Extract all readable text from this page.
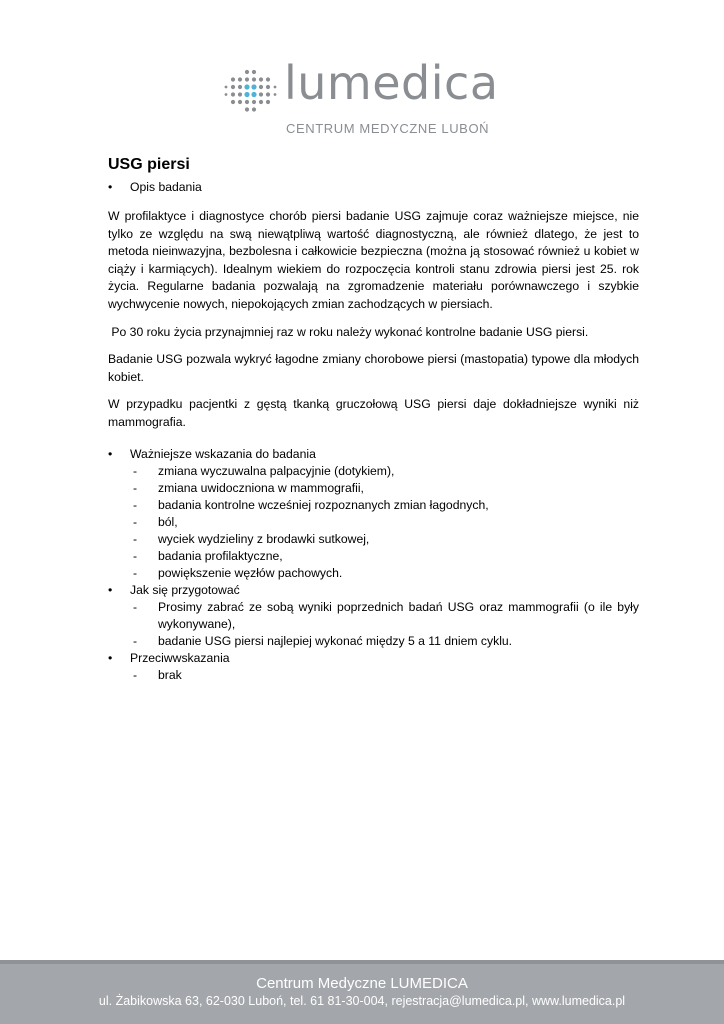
lumedica
CENTRUM MEDYCZNE LUBOŃ
USG piersi
• Opis badania

W profilaktyce i diagnostyce chorób piersi badanie USG zajmuje coraz ważniejsze miejsce, nie tylko ze względu na swą niewątpliwą wartość diagnostyczną, ale również dlatego, że jest to metoda nieinwazyjna, bezbolesna i całkowicie bezpieczna (można ją stosować również u kobiet w ciąży i karmiących). Idealnym wiekiem do rozpoczęcia kontroli stanu zdrowia piersi jest 25. rok życia. Regularne badania pozwalają na zgromadzenie materiału porównawczego i szybkie wychwycenie nowych, niepokojących zmian zachodzących w piersiach.

Po 30 roku życia przynajmniej raz w roku należy wykonać kontrolne badanie USG piersi.

Badanie USG pozwala wykryć łagodne zmiany chorobowe piersi (mastopatia) typowe dla młodych kobiet.

W przypadku pacjentki z gęstą tkanką gruczołową USG piersi daje dokładniejsze wyniki niż mammografia.

• Ważniejsze wskazania do badania
- zmiana wyczuwalna palpacyjnie (dotykiem),
- zmiana uwidoczniona w mammografii,
- badania kontrolne wcześniej rozpoznanych zmian łagodnych,
- ból,
- wyciek wydzieliny z brodawki sutkowej,
- badania profilaktyczne,
- powiększenie węzłów pachowych.
• Jak się przygotować
- Prosimy zabrać ze sobą wyniki poprzednich badań USG oraz mammografii (o ile były wykonywane),
- badanie USG piersi najlepiej wykonać między 5 a 11 dniem cyklu.
• Przeciwwskazania
- brak
Centrum Medyczne LUMEDICA
ul. Żabikowska 63, 62-030 Luboń, tel. 61 81-30-004, rejestracja@lumedica.pl, www.lumedica.pl
